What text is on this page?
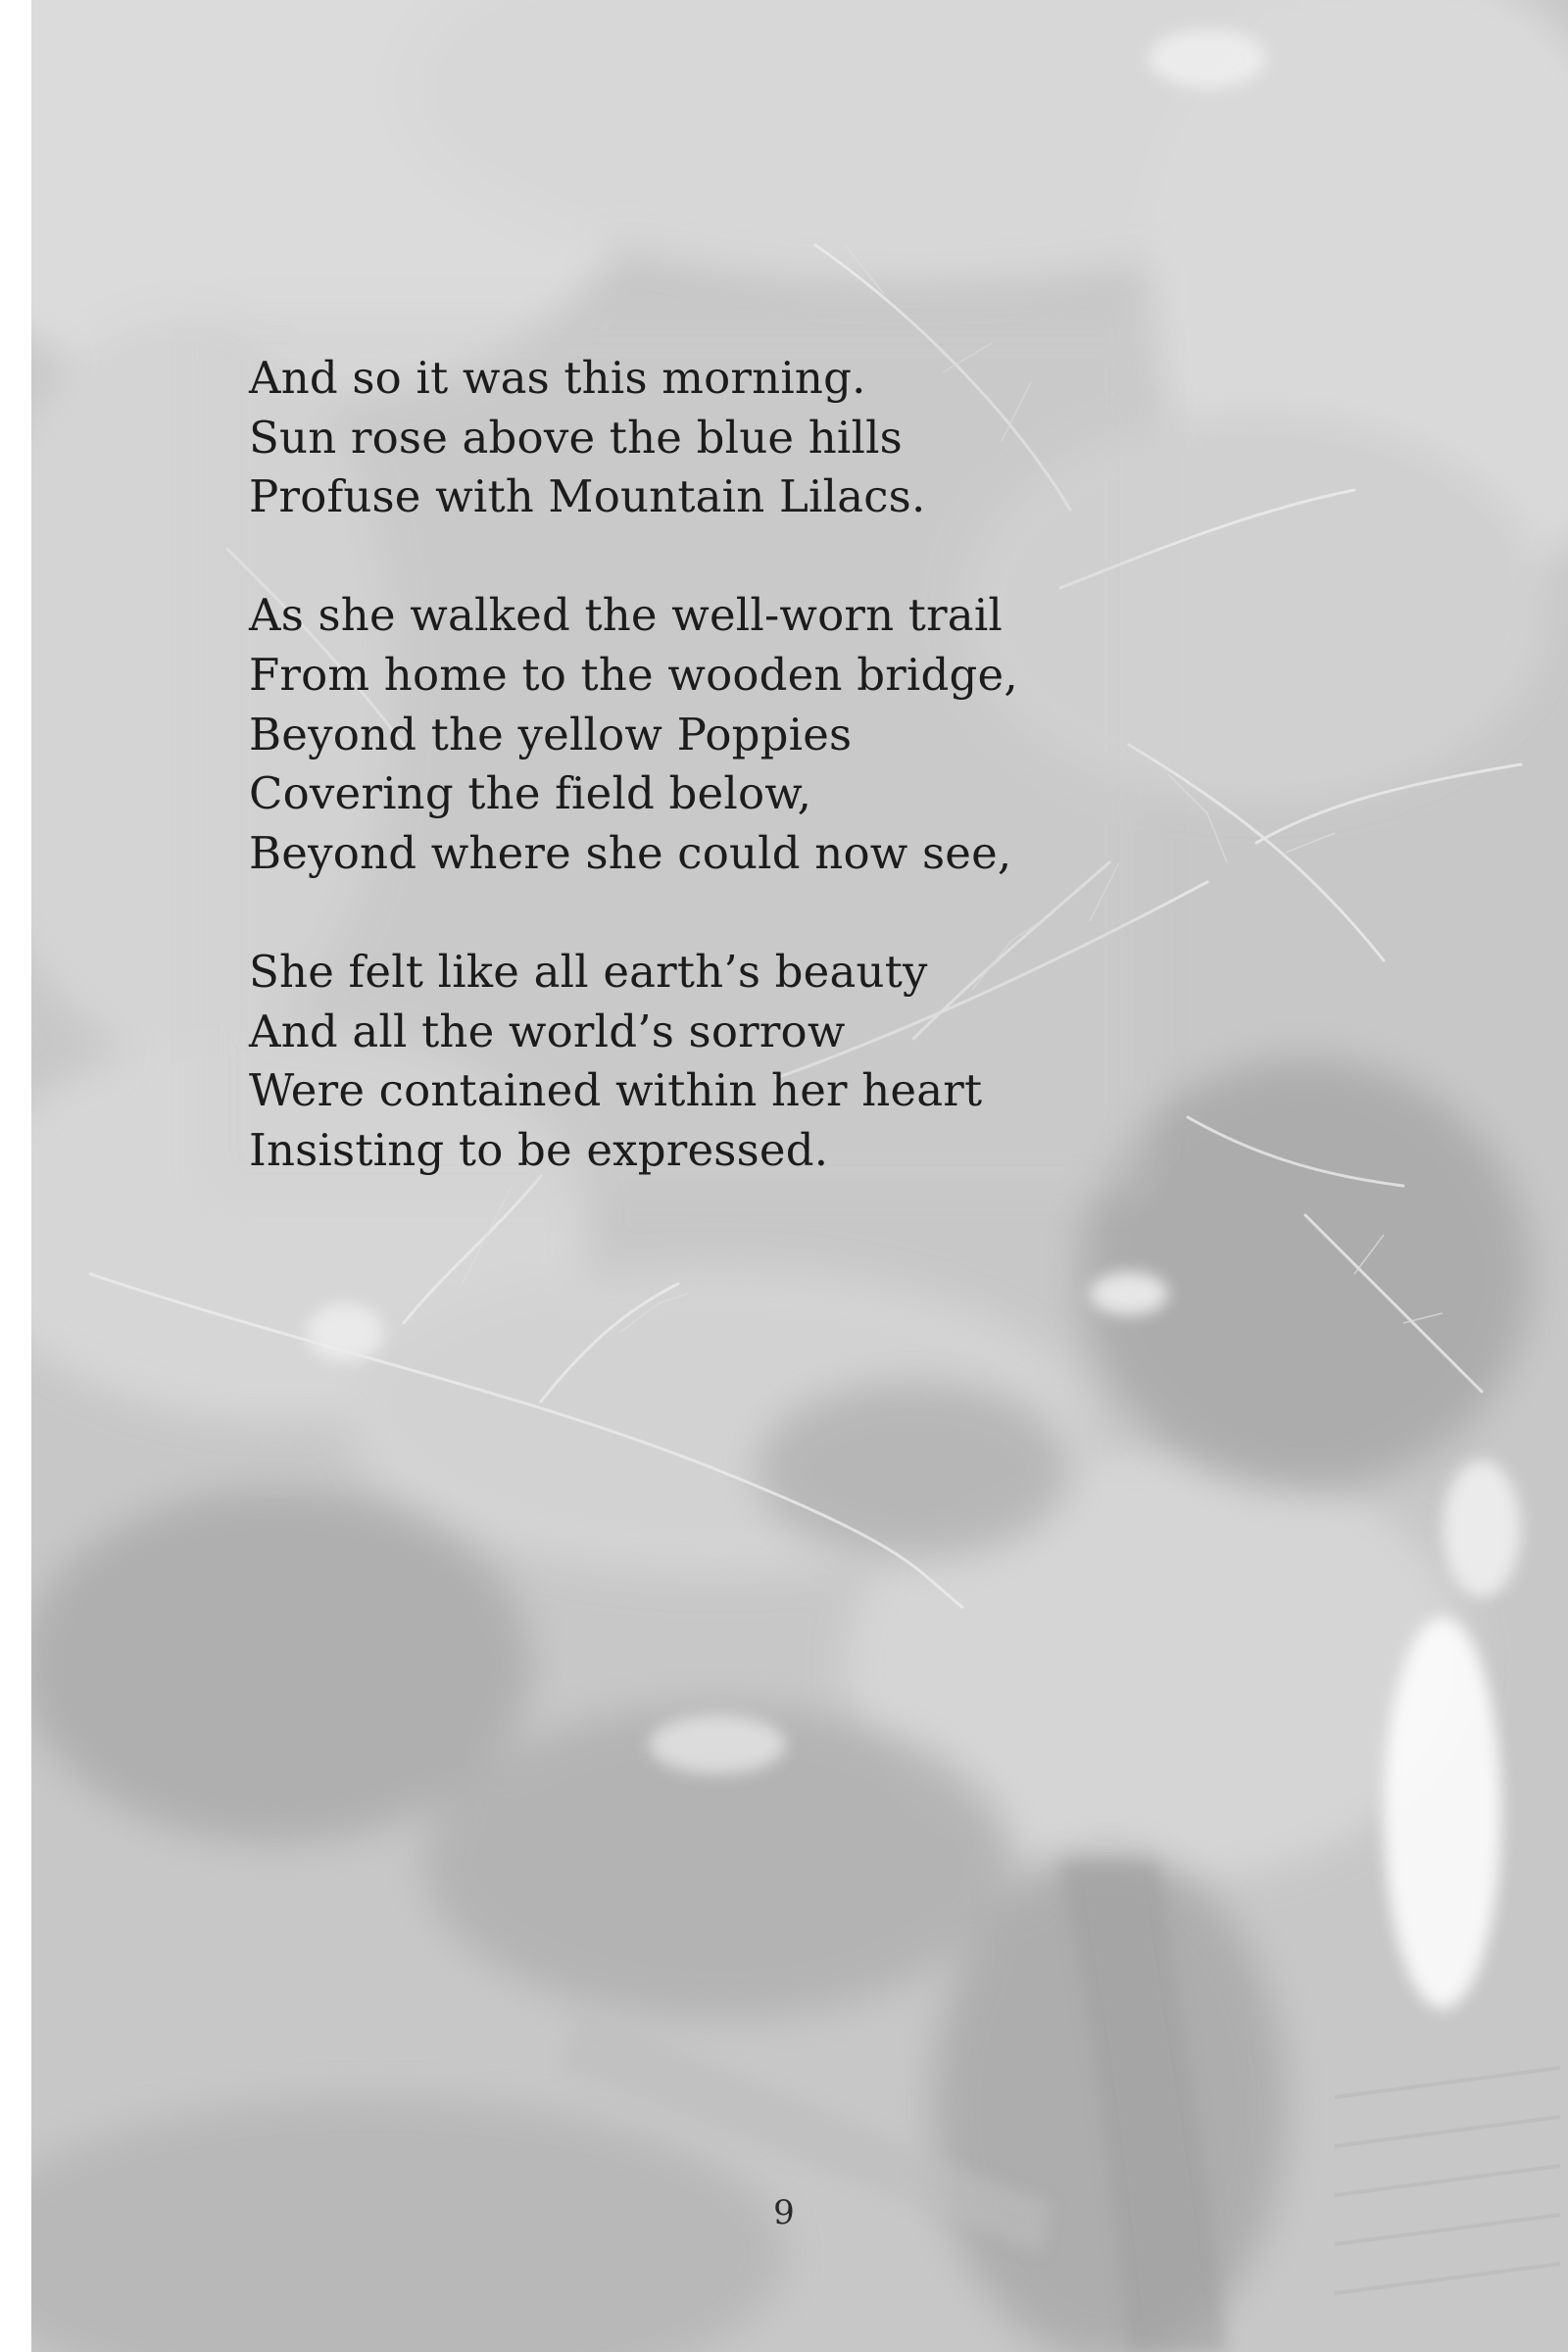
And so it was this morning.
Sun rose above the blue hills
Profuse with Mountain Lilacs.
As she walked the well-worn trail
From home to the wooden bridge,
Beyond the yellow Poppies
Covering the field below,
Beyond where she could now see,
She felt like all earth’s beauty
And all the world’s sorrow
Were contained within her heart
Insisting to be expressed.
9
